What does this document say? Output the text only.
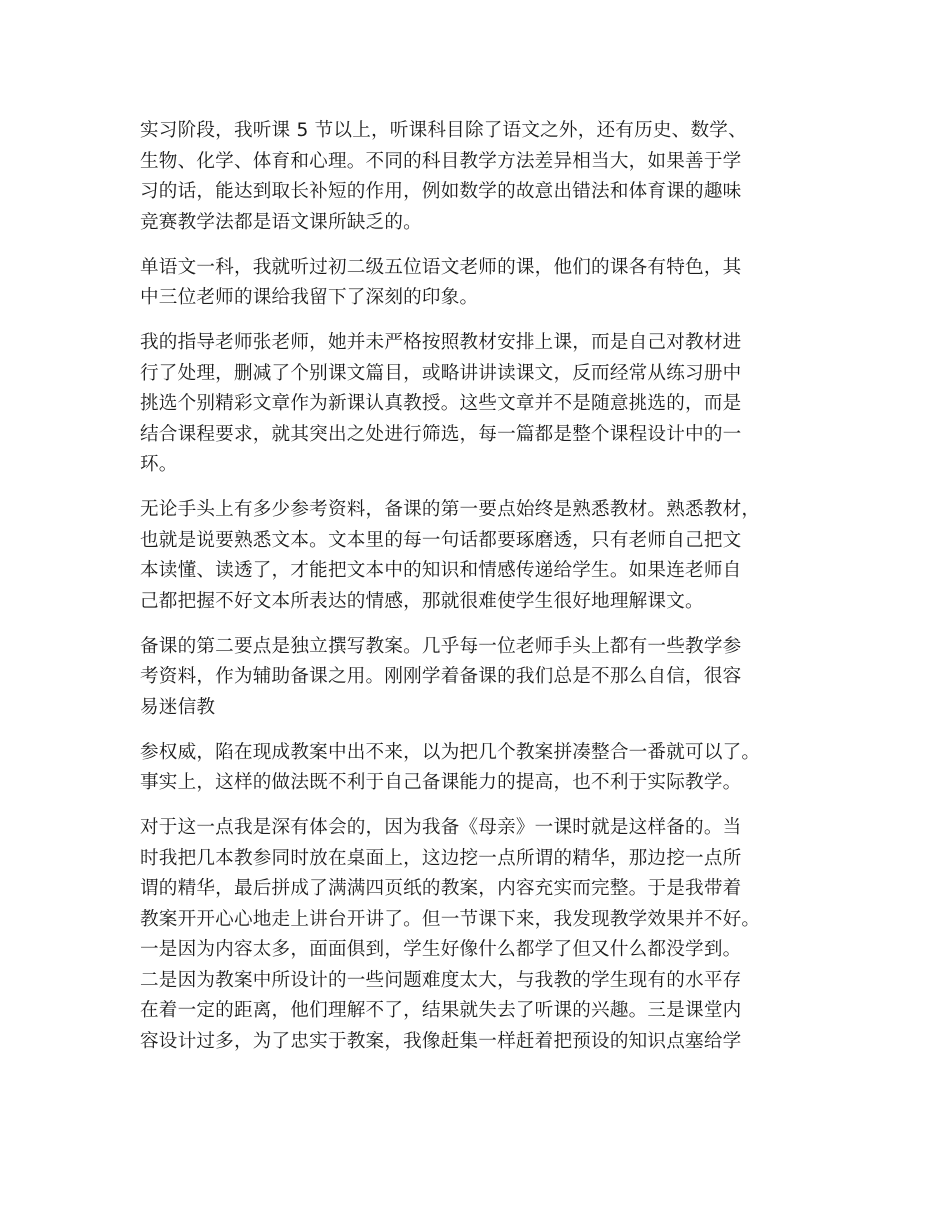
实习阶段，我听课 5 节以上，听课科目除了语文之外，还有历史、数学、
生物、化学、体育和心理。不同的科目教学方法差异相当大，如果善于学
习的话，能达到取长补短的作用，例如数学的故意出错法和体育课的趣味
竞赛教学法都是语文课所缺乏的。

单语文一科，我就听过初二级五位语文老师的课，他们的课各有特色，其
中三位老师的课给我留下了深刻的印象。

我的指导老师张老师，她并未严格按照教材安排上课，而是自己对教材进
行了处理，删减了个别课文篇目，或略讲讲读课文，反而经常从练习册中
挑选个别精彩文章作为新课认真教授。这些文章并不是随意挑选的，而是
结合课程要求，就其突出之处进行筛选，每一篇都是整个课程设计中的一
环。

无论手头上有多少参考资料，备课的第一要点始终是熟悉教材。熟悉教材，
也就是说要熟悉文本。文本里的每一句话都要琢磨透，只有老师自己把文
本读懂、读透了，才能把文本中的知识和情感传递给学生。如果连老师自
己都把握不好文本所表达的情感，那就很难使学生很好地理解课文。

备课的第二要点是独立撰写教案。几乎每一位老师手头上都有一些教学参
考资料，作为辅助备课之用。刚刚学着备课的我们总是不那么自信，很容
易迷信教

参权威，陷在现成教案中出不来，以为把几个教案拼凑整合一番就可以了。
事实上，这样的做法既不利于自己备课能力的提高，也不利于实际教学。

对于这一点我是深有体会的，因为我备《母亲》一课时就是这样备的。当
时我把几本教参同时放在桌面上，这边挖一点所谓的精华，那边挖一点所
谓的精华，最后拼成了满满四页纸的教案，内容充实而完整。于是我带着
教案开开心心地走上讲台开讲了。但一节课下来，我发现教学效果并不好。
一是因为内容太多，面面俱到，学生好像什么都学了但又什么都没学到。
二是因为教案中所设计的一些问题难度太大，与我教的学生现有的水平存
在着一定的距离，他们理解不了，结果就失去了听课的兴趣。三是课堂内
容设计过多，为了忠实于教案，我像赶集一样赶着把预设的知识点塞给学
